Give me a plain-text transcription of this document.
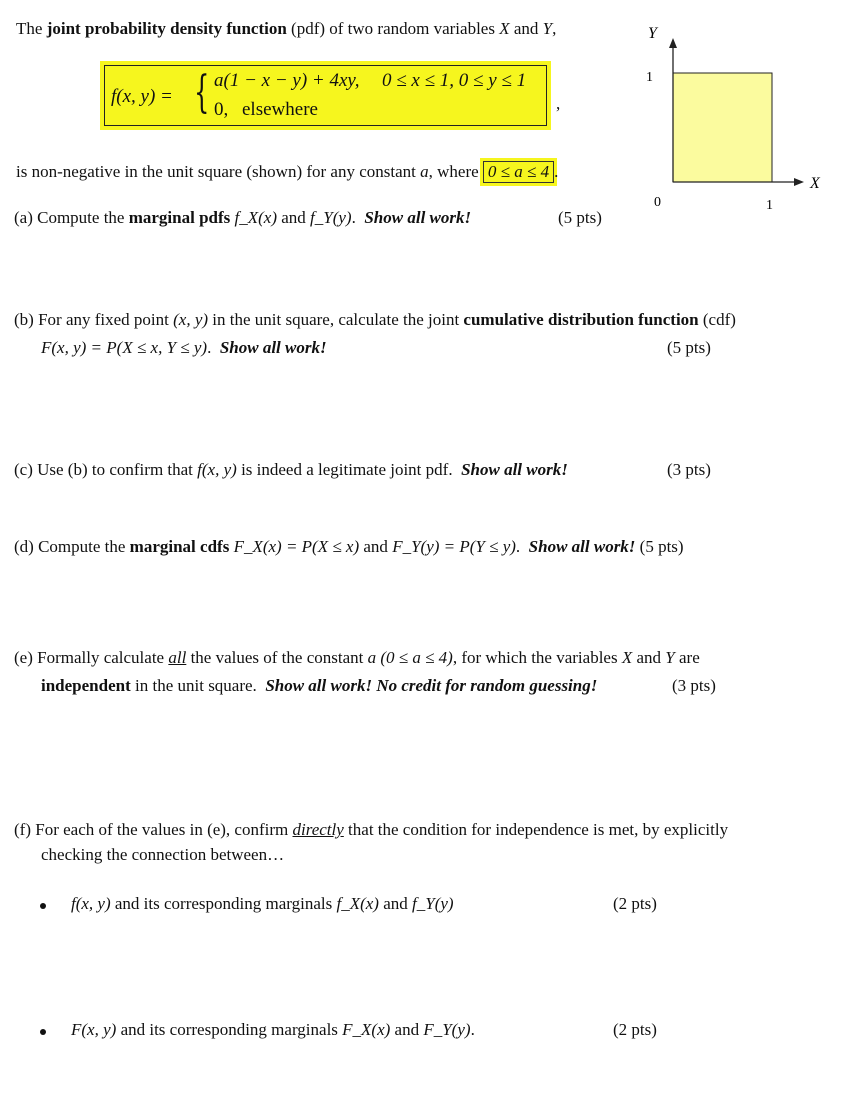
The joint probability density function (pdf) of two random variables X and Y,
f(x, y) = { a(1 − x − y) + 4xy, 0 ≤ x ≤ 1, 0 ≤ y ≤ 1
0, elsewhere	,
is non-negative in the unit square (shown) for any constant a, where 0 ≤ a ≤ 4 .
Y
X
0
1
1
(a) Compute the marginal pdfs f_X(x) and f_Y(y). Show all work!	(5 pts)
(b) For any fixed point (x, y) in the unit square, calculate the joint cumulative distribution function (cdf)
F(x, y) = P(X ≤ x, Y ≤ y). Show all work!	(5 pts)
(c) Use (b) to confirm that f(x, y) is indeed a legitimate joint pdf. Show all work!	(3 pts)
(d) Compute the marginal cdfs F_X(x) = P(X ≤ x) and F_Y(y) = P(Y ≤ y). Show all work! (5 pts)
(e) Formally calculate all the values of the constant a (0 ≤ a ≤ 4), for which the variables X and Y are
independent in the unit square. Show all work! No credit for random guessing!	(3 pts)
(f) For each of the values in (e), confirm directly that the condition for independence is met, by explicitly
checking the connection between…
f(x, y) and its corresponding marginals f_X(x) and f_Y(y)	(2 pts)
F(x, y) and its corresponding marginals F_X(x) and F_Y(y).	(2 pts)
